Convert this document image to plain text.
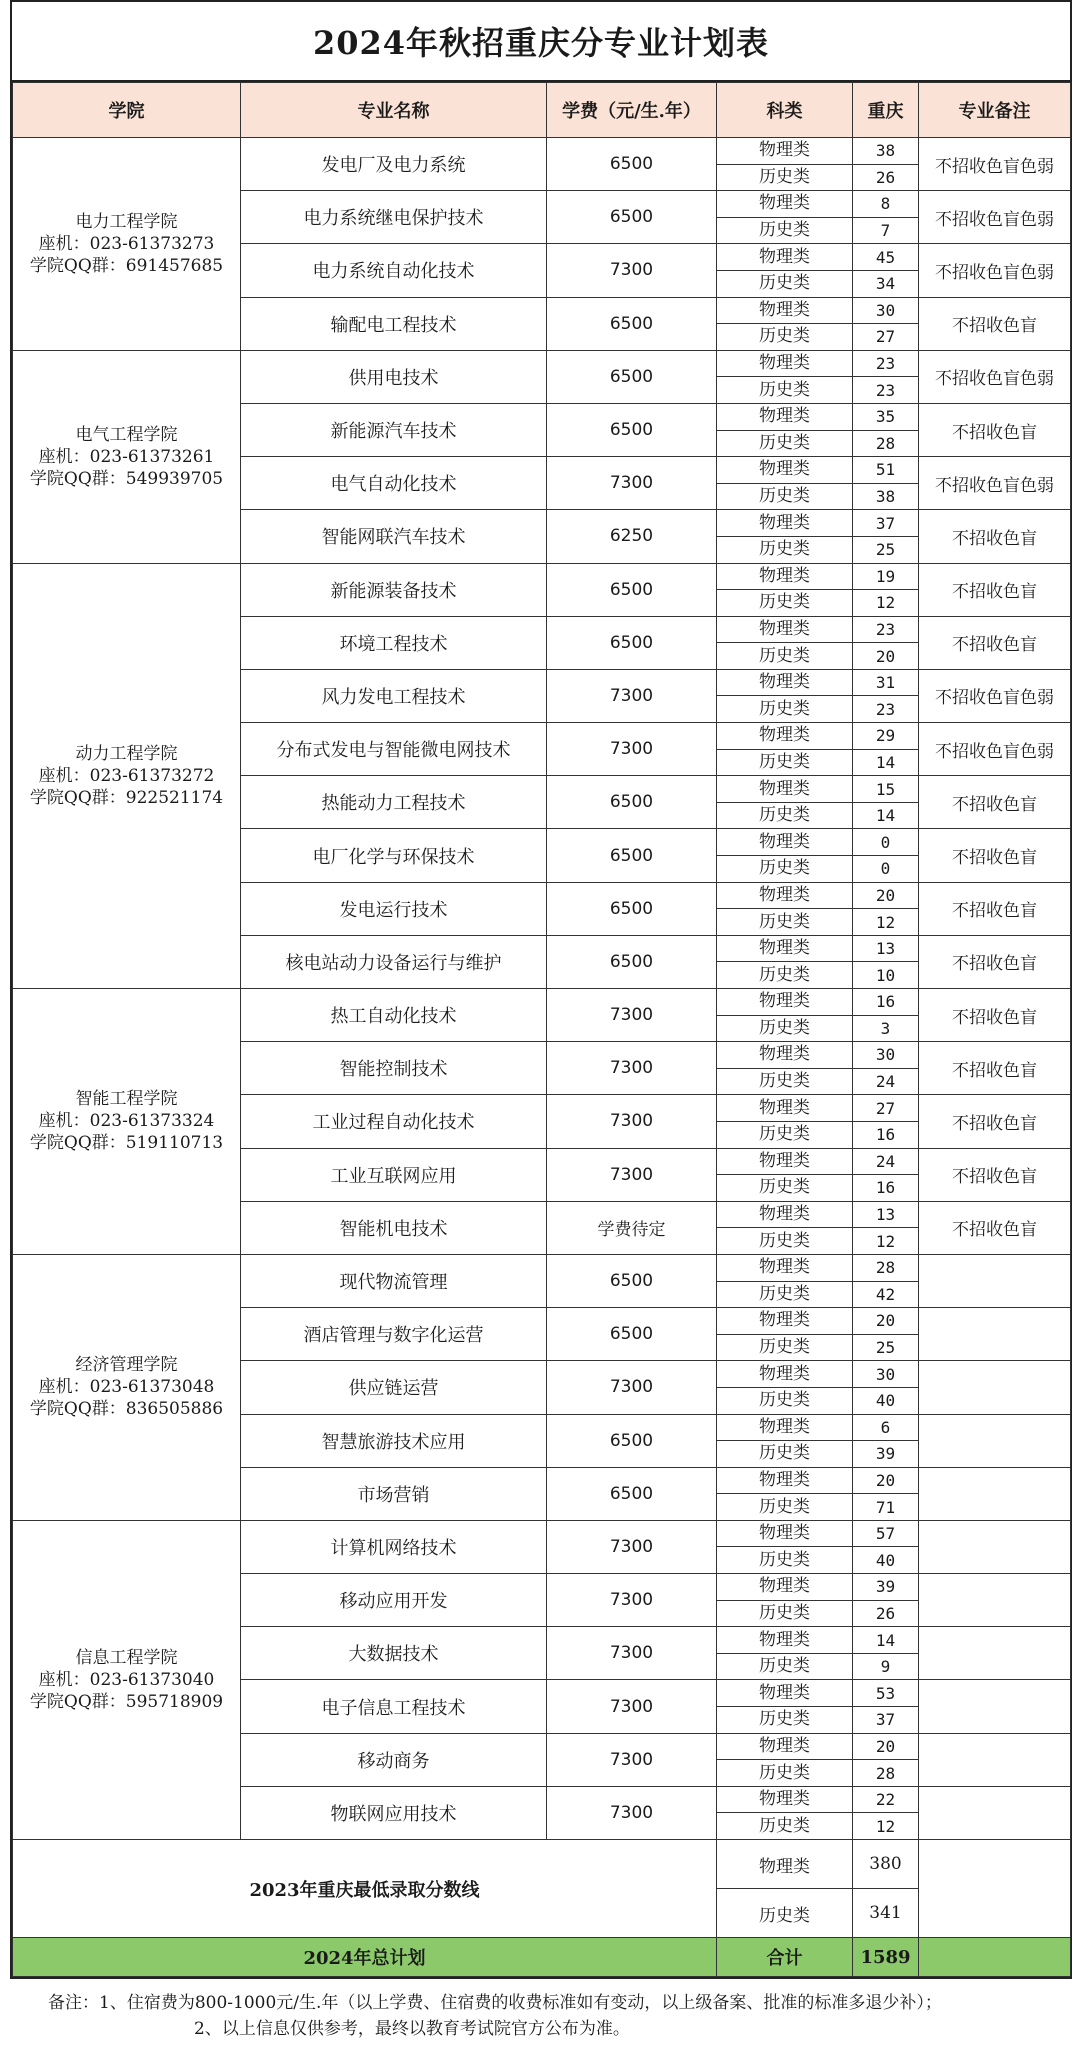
2024年秋招重庆分专业计划表
学院	专业名称	学费（元/生.年）	科类	重庆	专业备注

电力工程学院
座机：023-61373273
学院QQ群：691457685	发电厂及电力系统	6500	物理类	38	不招收色盲色弱
			历史类	26	
	电力系统继电保护技术	6500	物理类	8	不招收色盲色弱
			历史类	7	
	电力系统自动化技术	7300	物理类	45	不招收色盲色弱
			历史类	34	
	输配电工程技术	6500	物理类	30	不招收色盲
			历史类	27	

电气工程学院
座机：023-61373261
学院QQ群：549939705	供用电技术	6500	物理类	23	不招收色盲色弱
			历史类	23	
	新能源汽车技术	6500	物理类	35	不招收色盲
			历史类	28	
	电气自动化技术	7300	物理类	51	不招收色盲色弱
			历史类	38	
	智能网联汽车技术	6250	物理类	37	不招收色盲
			历史类	25	

动力工程学院
座机：023-61373272
学院QQ群：922521174	新能源装备技术	6500	物理类	19	不招收色盲
			历史类	12	
	环境工程技术	6500	物理类	23	不招收色盲
			历史类	20	
	风力发电工程技术	7300	物理类	31	不招收色盲色弱
			历史类	23	
	分布式发电与智能微电网技术	7300	物理类	29	不招收色盲色弱
			历史类	14	
	热能动力工程技术	6500	物理类	15	不招收色盲
			历史类	14	
	电厂化学与环保技术	6500	物理类	0	不招收色盲
			历史类	0	
	发电运行技术	6500	物理类	20	不招收色盲
			历史类	12	
	核电站动力设备运行与维护	6500	物理类	13	不招收色盲
			历史类	10	

智能工程学院
座机：023-61373324
学院QQ群：519110713	热工自动化技术	7300	物理类	16	不招收色盲
			历史类	3	
	智能控制技术	7300	物理类	30	不招收色盲
			历史类	24	
	工业过程自动化技术	7300	物理类	27	不招收色盲
			历史类	16	
	工业互联网应用	7300	物理类	24	不招收色盲
			历史类	16	
	智能机电技术	学费待定	物理类	13	不招收色盲
			历史类	12	

经济管理学院
座机：023-61373048
学院QQ群：836505886	现代物流管理	6500	物理类	28	
			历史类	42	
	酒店管理与数字化运营	6500	物理类	20	
			历史类	25	
	供应链运营	7300	物理类	30	
			历史类	40	
	智慧旅游技术应用	6500	物理类	6	
			历史类	39	
	市场营销	6500	物理类	20	
			历史类	71	

信息工程学院
座机：023-61373040
学院QQ群：595718909	计算机网络技术	7300	物理类	57	
			历史类	40	
	移动应用开发	7300	物理类	39	
			历史类	26	
	大数据技术	7300	物理类	14	
			历史类	9	
	电子信息工程技术	7300	物理类	53	
			历史类	37	
	移动商务	7300	物理类	20	
			历史类	28	
	物联网应用技术	7300	物理类	22	
			历史类	12	
2023年重庆最低录取分数线			物理类	380	
			历史类	341	
2024年总计划			合计	1589	
备注：1、住宿费为800-1000元/生.年（以上学费、住宿费的收费标准如有变动，以上级备案、批准的标准多退少补）；
2、以上信息仅供参考，最终以教育考试院官方公布为准。
